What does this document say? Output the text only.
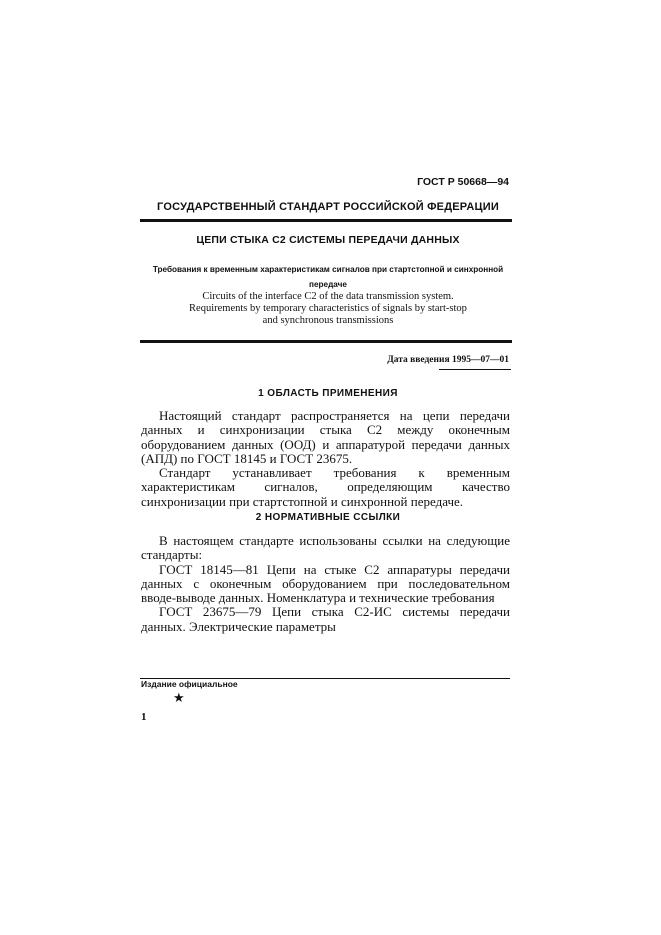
ГОСТ Р 50668—94
ГОСУДАРСТВЕННЫЙ СТАНДАРТ РОССИЙСКОЙ ФЕДЕРАЦИИ
ЦЕПИ СТЫКА С2 СИСТЕМЫ ПЕРЕДАЧИ ДАННЫХ
Требования к временным характеристикам сигналов при стартстопной и синхронной передаче
Circuits of the interface C2 of the data transmission system.
Requirements by temporary characteristics of signals by start-stop
and synchronous transmissions
Дата введения 1995—07—01
1 ОБЛАСТЬ ПРИМЕНЕНИЯ

Настоящий стандарт распространяется на цепи передачи данных и синхронизации стыка С2 между оконечным оборудованием данных (ООД) и аппаратурой передачи данных (АПД) по ГОСТ 18145 и ГОСТ 23675.

Стандарт устанавливает требования к временным характеристикам сигналов, определяющим качество синхронизации при стартстопной и синхронной передаче.

2 НОРМАТИВНЫЕ ССЫЛКИ

В настоящем стандарте использованы ссылки на следующие стандарты:

ГОСТ 18145—81 Цепи на стыке С2 аппаратуры передачи данных с оконечным оборудованием при последовательном вводе-выводе данных. Номенклатура и технические требования

ГОСТ 23675—79 Цепи стыка С2-ИС системы передачи данных. Электрические параметры

Издание официальное
★
1
